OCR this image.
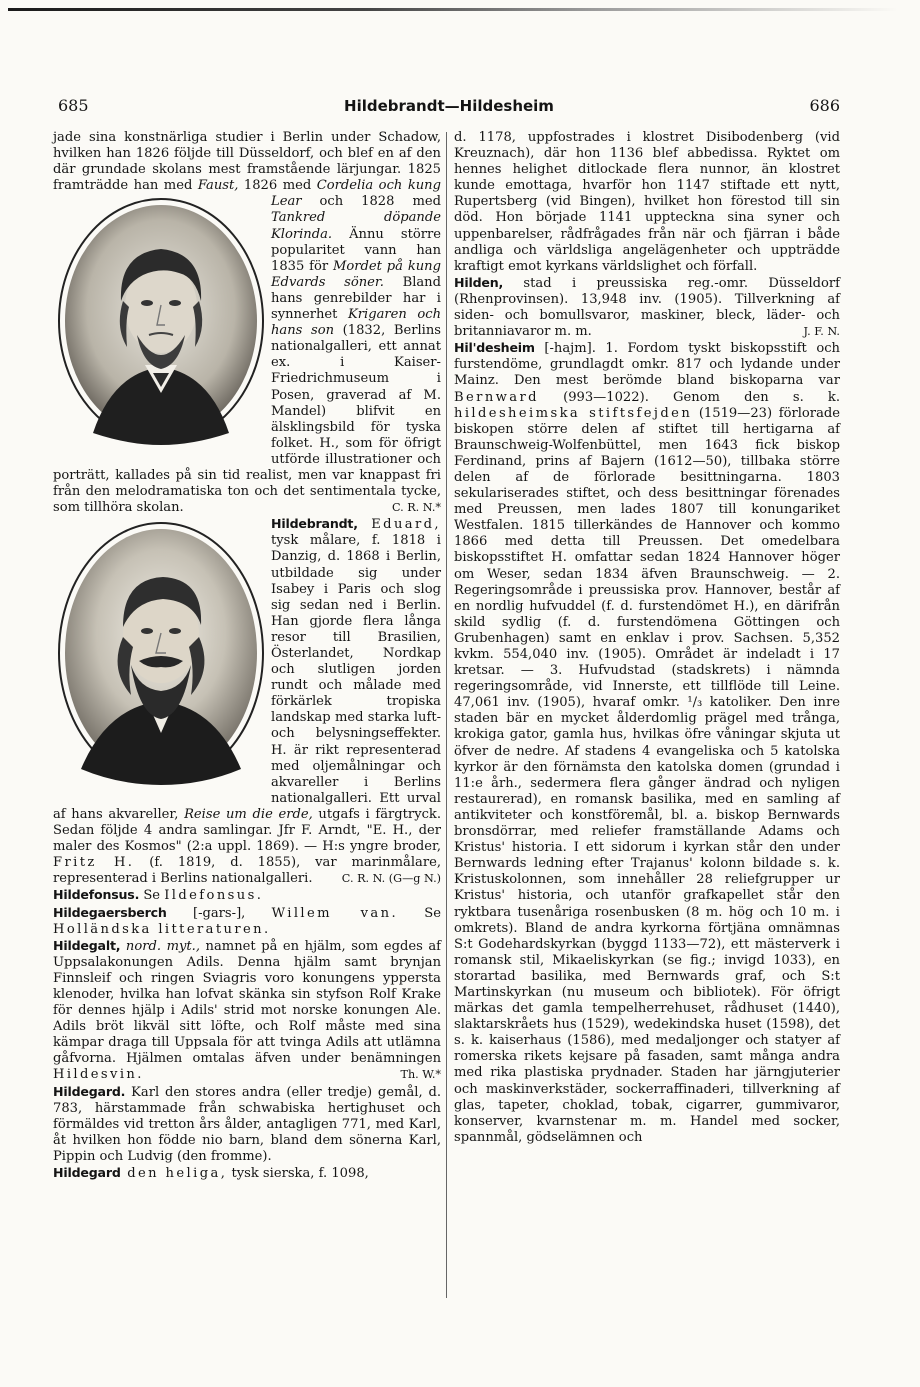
685	Hildebrandt—Hildesheim	686

jade sina konstnärliga studier i Berlin under Schadow, hvilken han 1826 följde till Düsseldorf, och blef en af den där grundade skolans mest framstående lärjungar. 1825 framträdde han med Faust,
1826 med Cordelia och kung Lear och 1828 med Tankred döpande Klorinda. Ännu större popularitet vann han 1835 för Mordet på kung Edvards söner. Bland hans genrebilder har i synnerhet Krigaren och hans son (1832, Berlins nationalgalleri, ett annat ex. i Kaiser-Friedrichmuseum i Posen, graverad af M. Mandel) blifvit en älsklingsbild för tyska folket. H., som för öfrigt utförde illustrationer och porträtt, kallades på sin tid realist, men var knappast fri från den melodramatiska ton och det sentimentala tycke, som tillhöra skolan.	C. R. N.*

Hildebrandt, Eduard,
tysk målare, f. 1818 i Danzig, d. 1868 i Berlin, utbildade sig under Isabey i Paris och slog sig sedan ned i Berlin. Han gjorde flera långa resor till Brasilien, Österlandet, Nordkap och slutligen jorden rundt och målade med förkärlek tropiska landskap med starka luft- och belysningseffekter. H. är rikt representerad med oljemålningar och akvareller i Berlins nationalgalleri. Ett urval af hans akvareller, Reise um die erde, utgafs i färgtryck. Sedan följde 4 andra samlingar. Jfr F. Arndt, "E. H., der maler des Kosmos" (2:a uppl. 1869). — H:s yngre broder, Fritz H. (f. 1819, d. 1855), var marinmålare, representerad i Berlins nationalgalleri.	C. R. N. (G—g N.)

Hildefonsus. Se Ildefonsus.

Hildegaersberch [-gars-], Willem van. Se Holländska litteraturen.

Hildegalt, nord. myt., namnet på en hjälm, som egdes af Uppsalakonungen Adils. Denna hjälm samt brynjan Finnsleif och ringen Sviagris voro konungens yppersta klenoder, hvilka han lofvat skänka sin styfson Rolf Krake för dennes hjälp i Adils' strid mot norske konungen Ale. Adils bröt likväl sitt löfte, och Rolf måste med sina kämpar draga till Uppsala för att tvinga Adils att utlämna gåfvorna. Hjälmen omtalas äfven under benämningen Hildesvin.	Th. W.*

Hildegard. Karl den stores andra (eller tredje) gemål, d. 783, härstammade från schwabiska hertighuset och förmäldes vid tretton års ålder, antagligen 771, med Karl, åt hvilken hon födde nio barn, bland dem sönerna Karl, Pippin och Ludvig (den fromme).

Hildegard den heliga, tysk sierska, f. 1098,

d. 1178, uppfostrades i klostret Disibodenberg (vid Kreuznach), där hon 1136 blef abbedissa. Ryktet om hennes helighet ditlockade flera nunnor, än klostret kunde emottaga, hvarför hon 1147 stiftade ett nytt, Rupertsberg (vid Bingen), hvilket hon förestod till sin död. Hon började 1141 uppteckna sina syner och uppenbarelser, rådfrågades från när och fjärran i både andliga och världsliga angelägenheter och uppträdde kraftigt emot kyrkans världslighet och förfall.

Hilden, stad i preussiska reg.-omr. Düsseldorf (Rhenprovinsen). 13,948 inv. (1905). Tillverkning af siden- och bomullsvaror, maskiner, bleck, läder- och britanniavaror m. m.	J. F. N.

Hil'desheim [-hajm]. 1. Fordom tyskt biskopsstift och furstendöme, grundlagdt omkr. 817 och lydande under Mainz. Den mest berömde bland biskoparna var Bernward (993—1022). Genom den s. k. hildesheimska stiftsfejden (1519—23) förlorade biskopen större delen af stiftet till hertigarna af Braunschweig-Wolfenbüttel, men 1643 fick biskop Ferdinand, prins af Bajern (1612—50), tillbaka större delen af de förlorade besittningarna. 1803 sekulariserades stiftet, och dess besittningar förenades med Preussen, men lades 1807 till konungariket Westfalen. 1815 tillerkändes de Hannover och kommo 1866 med detta till Preussen. Det omedelbara biskopsstiftet H. omfattar sedan 1824 Hannover höger om Weser, sedan 1834 äfven Braunschweig. — 2. Regeringsområde i preussiska prov. Hannover, består af en nordlig hufvuddel (f. d. furstendömet H.), en därifrån skild sydlig (f. d. furstendömena Göttingen och Grubenhagen) samt en enklav i prov. Sachsen. 5,352 kvkm. 554,040 inv. (1905). Området är indeladt i 17 kretsar. — 3. Hufvudstad (stadskrets) i nämnda regeringsområde, vid Innerste, ett tillflöde till Leine. 47,061 inv. (1905), hvaraf omkr. ¹/₃ katoliker. Den inre staden bär en mycket ålderdomlig prägel med trånga, krokiga gator, gamla hus, hvilkas öfre våningar skjuta ut öfver de nedre. Af stadens 4 evangeliska och 5 katolska kyrkor är den förnämsta den katolska domen (grundad i 11:e årh., sedermera flera gånger ändrad och nyligen restaurerad), en romansk basilika, med en samling af antikviteter och konstföremål, bl. a. biskop Bernwards bronsdörrar, med reliefer framställande Adams och Kristus' historia. I ett sidorum i kyrkan står den under Bernwards ledning efter Trajanus' kolonn bildade s. k. Kristuskolonnen, som innehåller 28 reliefgrupper ur Kristus' historia, och utanför grafkapellet står den ryktbara tusenåriga rosenbusken (8 m. hög och 10 m. i omkrets). Bland de andra kyrkorna förtjäna omnämnas S:t Godehardskyrkan (byggd 1133—72), ett mästerverk i romansk stil, Mikaeliskyrkan (se fig.; invigd 1033), en storartad basilika, med Bernwards graf, och S:t Martinskyrkan (nu museum och bibliotek). För öfrigt märkas det gamla tempelherrehuset, rådhuset (1440), slaktarskråets hus (1529), wedekindska huset (1598), det s. k. kaiserhaus (1586), med medaljonger och statyer af romerska rikets kejsare på fasaden, samt många andra med rika plastiska prydnader. Staden har järngjuterier och maskinverkstäder, sockerraffinaderi, tillverkning af glas, tapeter, choklad, tobak, cigarrer, gummivaror, konserver, kvarnstenar m. m. Handel med socker, spannmål, gödselämnen och
